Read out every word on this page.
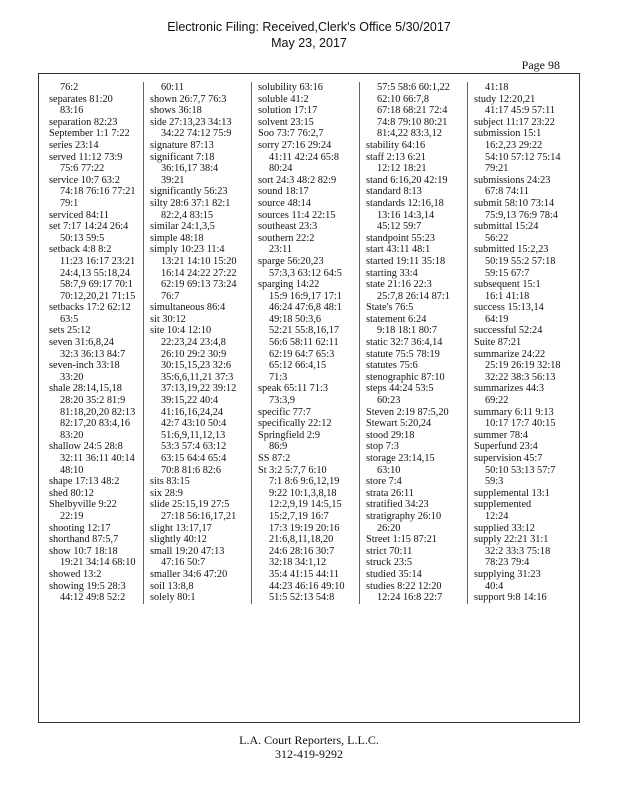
Electronic Filing: Received,Clerk's Office 5/30/2017
May 23, 2017
Page 98
76:2
separates 81:20
83:16
separation 82:23
September 1:1 7:22
series 23:14
served 11:12 73:9
75:6 77:22
service 10:7 63:2
74:18 76:16 77:21
79:1
serviced 84:11
set 7:17 14:24 26:4
50:13 59:5
setback 4:8 8:2
11:23 16:17 23:21
24:4,13 55:18,24
58:7,9 69:17 70:1
70:12,20,21 71:15
setbacks 17:2 62:12
63:5
sets 25:12
seven 31:6,8,24
32:3 36:13 84:7
seven-inch 33:18
33:20
shale 28:14,15,18
28:20 35:2 81:9
81:18,20,20 82:13
82:17,20 83:4,16
83:20
shallow 24:5 28:8
32:11 36:11 40:14
48:10
shape 17:13 48:2
shed 80:12
Shelbyville 9:22
22:19
shooting 12:17
shorthand 87:5,7
show 10:7 18:18
19:21 34:14 68:10
showed 13:2
showing 19:5 28:3
44:12 49:8 52:2
60:11
shown 26:7,7 76:3
shows 36:18
side 27:13,23 34:13
34:22 74:12 75:9
signature 87:13
significant 7:18
36:16,17 38:4
39:21
significantly 56:23
silty 28:6 37:1 82:1
82:2,4 83:15
similar 24:1,3,5
simple 48:18
simply 10:23 11:4
13:21 14:10 15:20
16:14 24:22 27:22
62:19 69:13 73:24
76:7
simultaneous 86:4
sit 30:12
site 10:4 12:10
22:23,24 23:4,8
26:10 29:2 30:9
30:15,15,23 32:6
35:6,6,11,21 37:3
37:13,19,22 39:12
39:15,22 40:4
41:16,16,24,24
42:7 43:10 50:4
51:6,9,11,12,13
53:3 57:4 63:12
63:15 64:4 65:4
70:8 81:6 82:6
sits 83:15
six 28:9
slide 25:15,19 27:5
27:18 56:16,17,21
slight 13:17,17
slightly 40:12
small 19:20 47:13
47:16 50:7
smaller 34:6 47:20
soil 13:8,8
solely 80:1
solubility 63:16
soluble 41:2
solution 17:17
solvent 23:15
Soo 73:7 76:2,7
sorry 27:16 29:24
41:11 42:24 65:8
80:24
sort 24:3 48:2 82:9
sound 18:17
source 48:14
sources 11:4 22:15
southeast 23:3
southern 22:2
23:11
sparge 56:20,23
57:3,3 63:12 64:5
sparging 14:22
15:9 16:9,17 17:1
46:24 47:6,8 48:1
49:18 50:3,6
52:21 55:8,16,17
56:6 58:11 62:11
62:19 64:7 65:3
65:12 66:4,15
71:3
speak 65:11 71:3
73:3,9
specific 77:7
specifically 22:12
Springfield 2:9
86:9
SS 87:2
St 3:2 5:7,7 6:10
7:1 8:6 9:6,12,19
9:22 10:1,3,8,18
12:2,9,19 14:5,15
15:2,7,19 16:7
17:3 19:19 20:16
21:6,8,11,18,20
24:6 28:16 30:7
32:18 34:1,12
35:4 41:15 44:11
44:23 46:16 49:10
51:5 52:13 54:8
57:5 58:6 60:1,22
62:10 66:7,8
67:18 68:21 72:4
74:8 79:10 80:21
81:4,22 83:3,12
stability 64:16
staff 2:13 6:21
12:12 18:21
stand 6:16,20 42:19
standard 8:13
standards 12:16,18
13:16 14:3,14
45:12 59:7
standpoint 55:23
start 43:11 48:1
started 19:11 35:18
starting 33:4
state 21:16 22:3
25:7,8 26:14 87:1
State's 76:5
statement 6:24
9:18 18:1 80:7
static 32:7 36:4,14
statute 75:5 78:19
statutes 75:6
stenographic 87:10
steps 44:24 53:5
60:23
Steven 2:19 87:5,20
Stewart 5:20,24
stood 29:18
stop 7:3
storage 23:14,15
63:10
store 7:4
strata 26:11
stratified 34:23
stratigraphy 26:10
26:20
Street 1:15 87:21
strict 70:11
struck 23:5
studied 35:14
studies 8:22 12:20
12:24 16:8 22:7
41:18
study 12:20,21
41:17 45:9 57:11
subject 11:17 23:22
submission 15:1
16:2,23 29:22
54:10 57:12 75:14
79:21
submissions 24:23
67:8 74:11
submit 58:10 73:14
75:9,13 76:9 78:4
submittal 15:24
56:22
submitted 15:2,23
50:19 55:2 57:18
59:15 67:7
subsequent 15:1
16:1 41:18
success 15:13,14
64:19
successful 52:24
Suite 87:21
summarize 24:22
25:19 26:19 32:18
32:22 38:3 56:13
summarizes 44:3
69:22
summary 6:11 9:13
10:17 17:7 40:15
summer 78:4
Superfund 23:4
supervision 45:7
50:10 53:13 57:7
59:3
supplemental 13:1
supplemented
12:24
supplied 33:12
supply 22:21 31:1
32:2 33:3 75:18
78:23 79:4
supplying 31:23
40:4
support 9:8 14:16
L.A. Court Reporters, L.L.C.
312-419-9292
